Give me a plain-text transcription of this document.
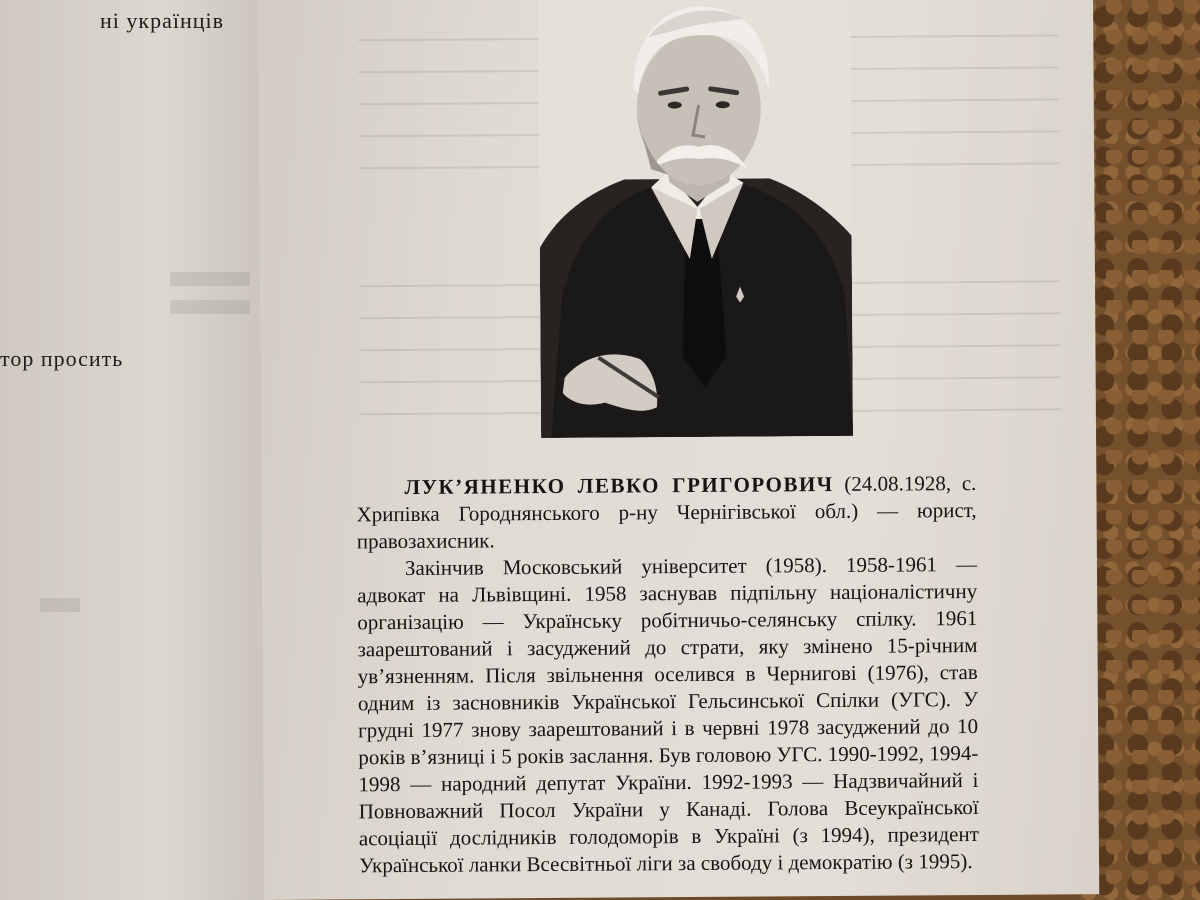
ні українців
тор просить

ЛУК’ЯНЕНКО ЛЕВКО ГРИГОРОВИЧ (24.08.1928, с. Хрипівка Городнянського р-ну Чернігівської обл.) — юрист, правозахисник.

Закінчив Московський університет (1958). 1958-1961 — адвокат на Львівщині. 1958 заснував підпільну націоналістичну організацію — Українську робітничьо-селянську спілку. 1961 заарештований і засуджений до страти, яку змінено 15-річним ув’язненням. Після звільнення оселився в Чернигові (1976), став одним із засновників Української Гельсинської Спілки (УГС). У грудні 1977 знову заарештований і в червні 1978 засуджений до 10 років в’язниці і 5 років заслання. Був головою УГС. 1990-1992, 1994-1998 — народний депутат України. 1992-1993 — Надзвичайний і Повноважний Посол України у Канаді. Голова Всеукраїнської асоціації дослідників голодоморів в Україні (з 1994), президент Української ланки Всесвітньої ліги за свободу і демократію (з 1995).
